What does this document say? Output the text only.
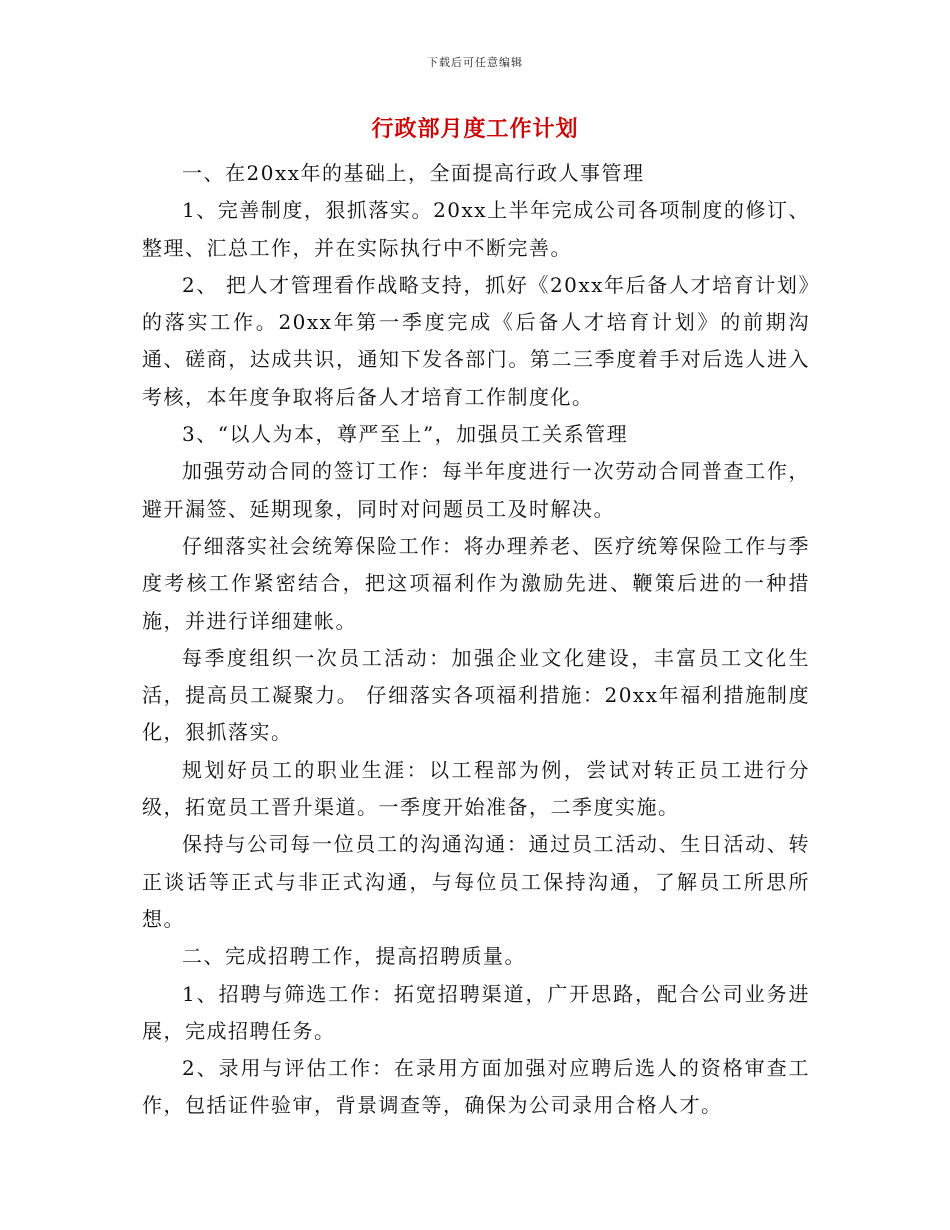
下载后可任意编辑
行政部月度工作计划

一、在20xx年的基础上，全面提高行政人事管理

1、完善制度，狠抓落实。20xx上半年完成公司各项制度的修订、整理、汇总工作，并在实际执行中不断完善。

2、 把人才管理看作战略支持，抓好《20xx年后备人才培育计划》的落实工作。20xx年第一季度完成《后备人才培育计划》的前期沟通、磋商，达成共识，通知下发各部门。第二三季度着手对后选人进入考核，本年度争取将后备人才培育工作制度化。

3、“以人为本，尊严至上”，加强员工关系管理

加强劳动合同的签订工作：每半年度进行一次劳动合同普查工作，避开漏签、延期现象，同时对问题员工及时解决。

仔细落实社会统筹保险工作：将办理养老、医疗统筹保险工作与季度考核工作紧密结合，把这项福利作为激励先进、鞭策后进的一种措施，并进行详细建帐。

每季度组织一次员工活动：加强企业文化建设，丰富员工文化生活，提高员工凝聚力。 仔细落实各项福利措施：20xx年福利措施制度化，狠抓落实。

规划好员工的职业生涯：以工程部为例，尝试对转正员工进行分级，拓宽员工晋升渠道。一季度开始准备，二季度实施。

保持与公司每一位员工的沟通沟通：通过员工活动、生日活动、转正谈话等正式与非正式沟通，与每位员工保持沟通，了解员工所思所想。

二、完成招聘工作，提高招聘质量。

1、招聘与筛选工作：拓宽招聘渠道，广开思路，配合公司业务进展，完成招聘任务。

2、录用与评估工作：在录用方面加强对应聘后选人的资格审查工作，包括证件验审，背景调查等，确保为公司录用合格人才。
